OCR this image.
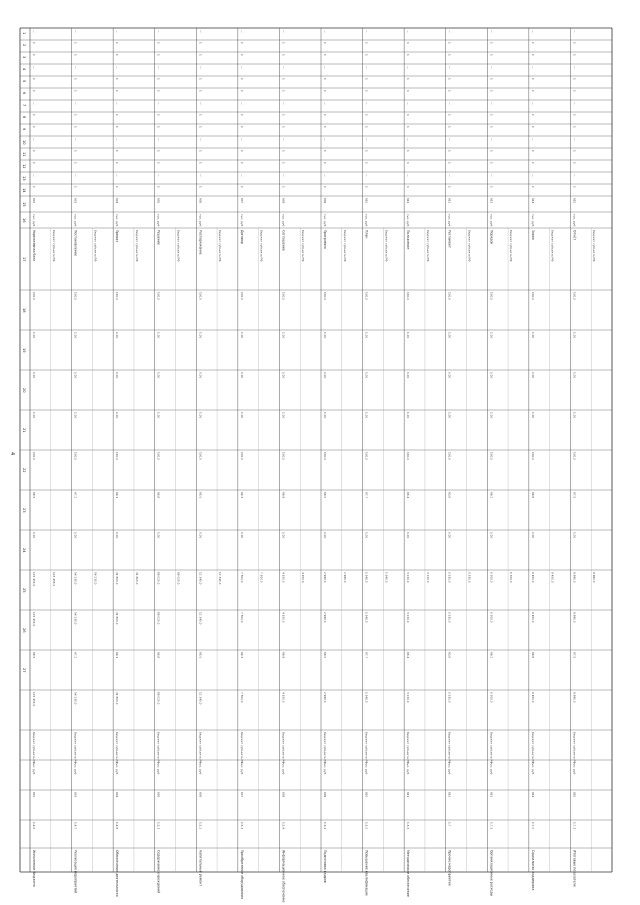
1
2
3
4
5
6
7
8
9
10
11
12
13
14
15
16
17
18
19
20
21
22
23
24
25
26
27
—
1
1
—
1
1
—
1
1
—
1
1
—
1
902
тыс. руб
Нормативная база
100,0
1,00
0,00
1,00
100,0
98,5
0,00
123 456,0
123 456,0
98,5
123 456,0
Бюджет субъекта РФ
тыс. руб
902
1.4.6
Исполнение бюджета
Бюджет субъекта РФ
123 456,0
—
1
1
—
1
1
—
1
1
—
1
1
—
1
903
тыс. руб
Постановление
100,0
1,00
0,00
1,00
100,0
97,2
0,00
54 210,0
54 210,0
97,2
54 210,0
Бюджет субъекта РФ
тыс. руб
903
1.4.7
Реализация мероприятий
Бюджет субъекта РФ
54 210,0
—
1
1
—
1
1
—
1
1
—
1
1
—
1
904
тыс. руб
Приказ
100,0
1,00
0,00
1,00
100,0
99,1
0,00
31 800,0
31 800,0
99,1
31 800,0
Бюджет субъекта РФ
тыс. руб
904
1.4.8
Обеспечение деятельности
Бюджет субъекта РФ
31 800,0
—
1
1
—
1
1
—
1
1
—
1
1
—
1
905
тыс. руб
Решение
100,0
1,00
0,00
1,00
100,0
96,8
0,00
89 020,0
89 020,0
96,8
89 020,0
Бюджет субъекта РФ
тыс. руб
905
1.5.1
Содержание учреждений
Бюджет субъекта РФ
89 020,0
—
1
1
—
1
1
—
1
1
—
1
1
—
1
906
тыс. руб
Распоряжение
100,0
1,00
0,00
1,00
100,0
95,0
0,00
12 340,0
12 340,0
95,0
12 340,0
Бюджет субъекта РФ
тыс. руб
906
1.5.2
Капитальный ремонт
Бюджет субъекта РФ
12 340,0
—
1
1
—
1
1
—
1
1
—
1
1
—
1
907
тыс. руб
Договор
100,0
1,00
0,00
1,00
100,0
94,3
0,00
7 600,0
7 600,0
94,3
7 600,0
Бюджет субъекта РФ
тыс. руб
907
1.5.3
Приобретение оборудования
Бюджет субъекта РФ
7 600,0
—
1
1
—
1
1
—
1
1
—
1
1
—
1
908
тыс. руб
Соглашение
100,0
1,00
0,00
1,00
100,0
99,9
0,00
4 150,0
4 150,0
99,9
4 150,0
Бюджет субъекта РФ
тыс. руб
908
1.5.4
Информационное обеспечение
Бюджет субъекта РФ
4 150,0
—
1
1
—
1
1
—
1
1
—
1
1
—
1
909
тыс. руб
Программа
100,0
1,00
0,00
1,00
100,0
98,0
0,00
2 980,0
2 980,0
98,0
2 980,0
Бюджет субъекта РФ
тыс. руб
909
1.6.1
Подготовка кадров
Бюджет субъекта РФ
2 980,0
—
1
1
—
1
1
—
1
1
—
1
1
—
1
910
тыс. руб
План
100,0
1,00
0,00
1,00
100,0
97,7
0,00
1 640,0
1 640,0
97,7
1 640,0
Бюджет субъекта РФ
тыс. руб
910
1.6.2
Повышение квалификации
Бюджет субъекта РФ
1 640,0
—
1
1
—
1
1
—
1
1
—
1
1
—
1
911
тыс. руб
Положение
100,0
1,00
0,00
1,00
100,0
96,4
0,00
3 220,0
3 220,0
96,4
3 220,0
Бюджет субъекта РФ
тыс. руб
911
1.6.3
Методическое обеспечение
Бюджет субъекта РФ
3 220,0
—
1
1
—
1
1
—
1
1
—
1
1
—
1
912
тыс. руб
Регламент
100,0
1,00
0,00
1,00
100,0
93,6
0,00
5 510,0
5 510,0
93,6
5 510,0
Бюджет субъекта РФ
тыс. руб
912
1.7
Прочие мероприятия
Бюджет субъекта РФ
5 510,0
—
1
1
—
1
1
—
1
1
—
1
1
—
1
913
тыс. руб
Порядок
100,0
1,00
0,00
1,00
100,0
99,2
0,00
6 300,0
6 300,0
99,2
6 300,0
Бюджет субъекта РФ
тыс. руб
913
1.7.1
Организационные расходы
Бюджет субъекта РФ
6 300,0
—
1
1
—
1
1
—
1
1
—
1
1
—
1
914
тыс. руб
Закон
100,0
1,00
0,00
1,00
100,0
98,8
0,00
8 450,0
8 450,0
98,8
8 450,0
Бюджет субъекта РФ
тыс. руб
914
1.7.2
Социальная поддержка
Бюджет субъекта РФ
8 450,0
—
1
1
—
1
1
—
1
1
—
1
1
—
1
915
тыс. руб
Отчёт
100,0
1,00
0,00
1,00
100,0
97,5
0,00
9 990,0
9 990,0
97,5
9 990,0
Бюджет субъекта РФ
тыс. руб
915
1.7.3
Итоговые показатели
Бюджет субъекта РФ
9 990,0
4
